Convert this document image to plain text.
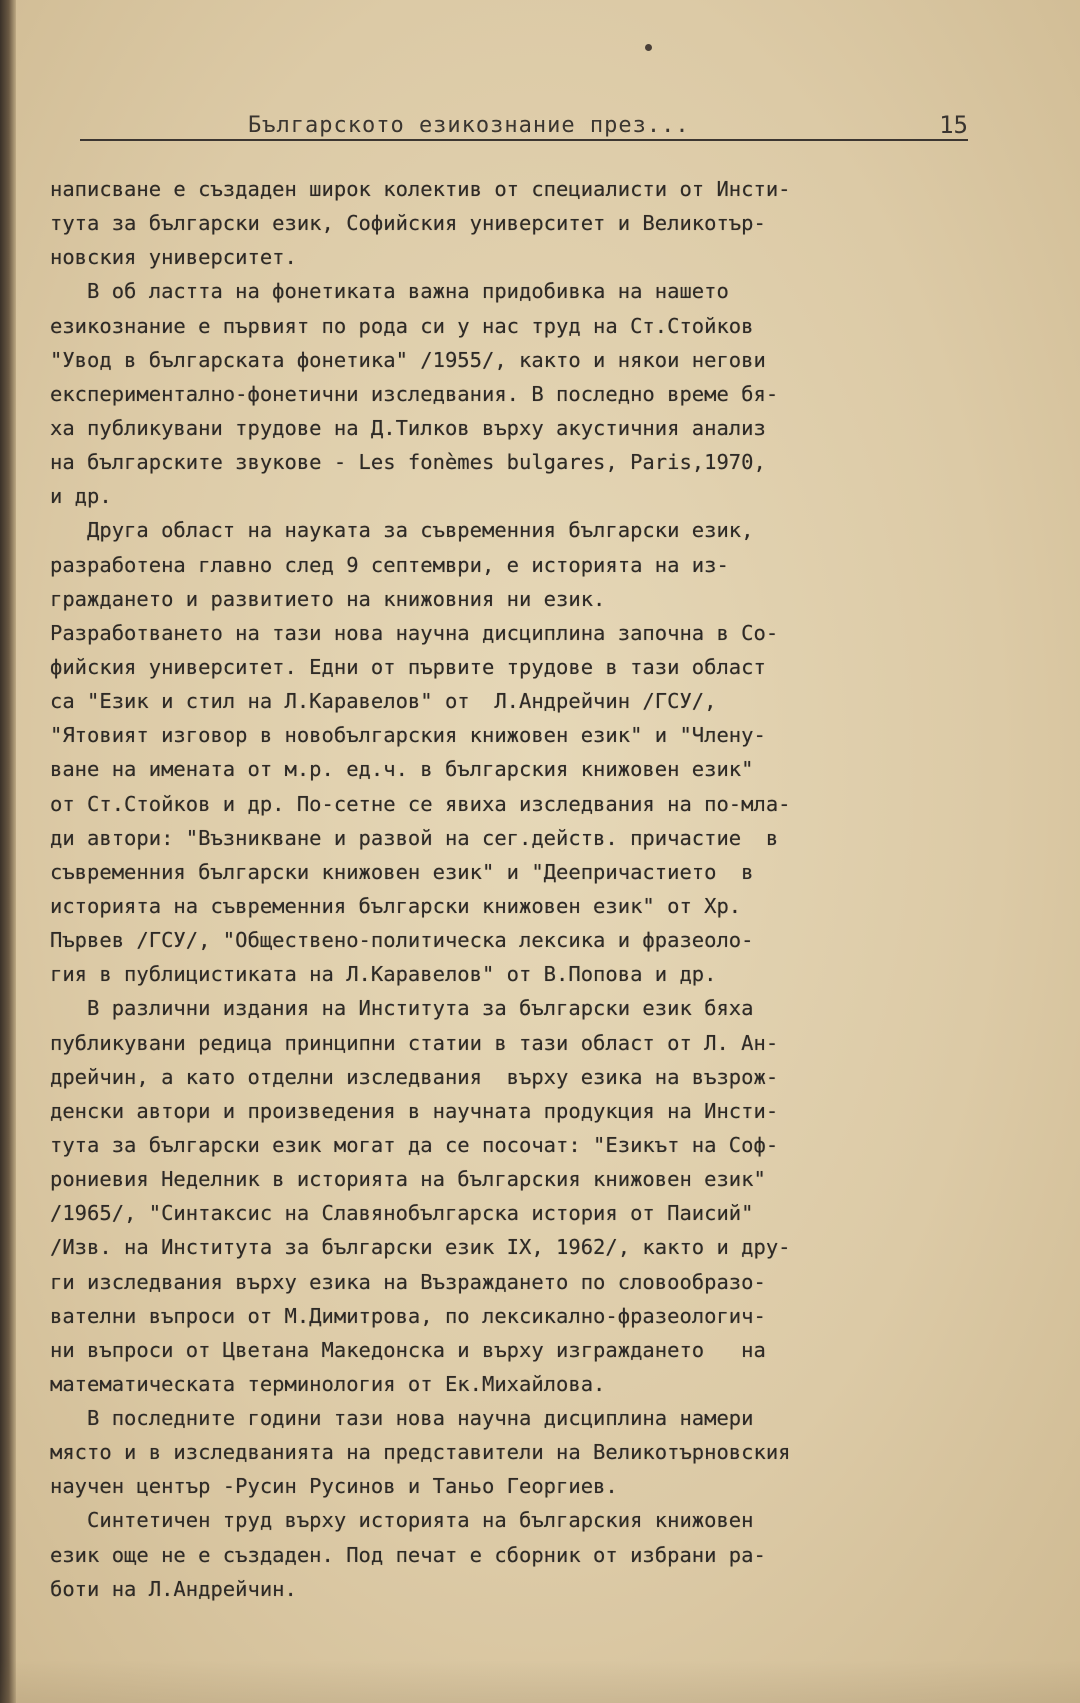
Българското езикознание през...	15
написване е създаден широк колектив от специалисти от Инсти-
тута за български език, Софийския университет и Великотър-
новския университет.
В об ластта на фонетиката важна придобивка на нашето
езикознание е първият по рода си у нас труд на Ст.Стойков
"Увод в българската фонетика" /1955/, както и някои негови
експериментално-фонетични изследвания. В последно време бя-
ха публикувани трудове на Д.Тилков върху акустичния анализ
на българските звукове - Les fonèmes bulgares, Paris,1970,
и др.
Друга област на науката за съвременния български език,
разработена главно след 9 септември, е историята на из-
граждането и развитието на книжовния ни език.
Разработването на тази нова научна дисциплина започна в Со-
фийския университет. Едни от първите трудове в тази област
са "Език и стил на Л.Каравелов" от  Л.Андрейчин /ГСУ/,
"Ятовият изговор в новобългарския книжовен език" и "Члену-
ване на имената от м.р. ед.ч. в българския книжовен език"
от Ст.Стойков и др. По-сетне се явиха изследвания на по-мла-
ди автори: "Възникване и развой на сег.действ. причастие  в
съвременния български книжовен език" и "Деепричастието  в
историята на съвременния български книжовен език" от Хр.
Първев /ГСУ/, "Обществено-политическа лексика и фразеоло-
гия в публицистиката на Л.Каравелов" от В.Попова и др.
В различни издания на Института за български език бяха
публикувани редица принципни статии в тази област от Л. Ан-
дрейчин, а като отделни изследвания  върху езика на възрож-
денски автори и произведения в научната продукция на Инсти-
тута за български език могат да се посочат: "Езикът на Соф-
рониевия Неделник в историята на българския книжовен език"
/1965/, "Синтаксис на Славянобългарска история от Паисий"
/Изв. на Института за български език IX, 1962/, както и дру-
ги изследвания върху езика на Възраждането по словообразо-
вателни въпроси от М.Димитрова, по лексикално-фразеологич-
ни въпроси от Цветана Македонска и върху изграждането   на
математическата терминология от Ек.Михайлова.
В последните години тази нова научна дисциплина намери
място и в изследванията на представители на Великотърновския
научен център -Русин Русинов и Таньо Георгиев.
Синтетичен труд върху историята на българския книжовен
език още не е създаден. Под печат е сборник от избрани ра-
боти на Л.Андрейчин.
